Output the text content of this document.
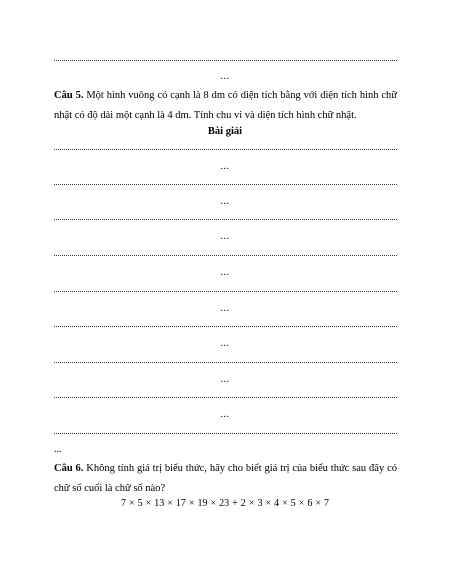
...
Câu 5. Một hình vuông có cạnh là 8 dm có diện tích bằng với diện tích hình chữ nhật có độ dài một cạnh là 4 dm. Tính chu vi và diện tích hình chữ nhật.
Bài giải
...
...
...
...
...
...
...
...
...
Câu 6. Không tính giá trị biểu thức, hãy cho biết giá trị của biểu thức sau đây có chữ số cuối là chữ số nào?
7 × 5 × 13 × 17 × 19 × 23 + 2 × 3 × 4 × 5 × 6 × 7
